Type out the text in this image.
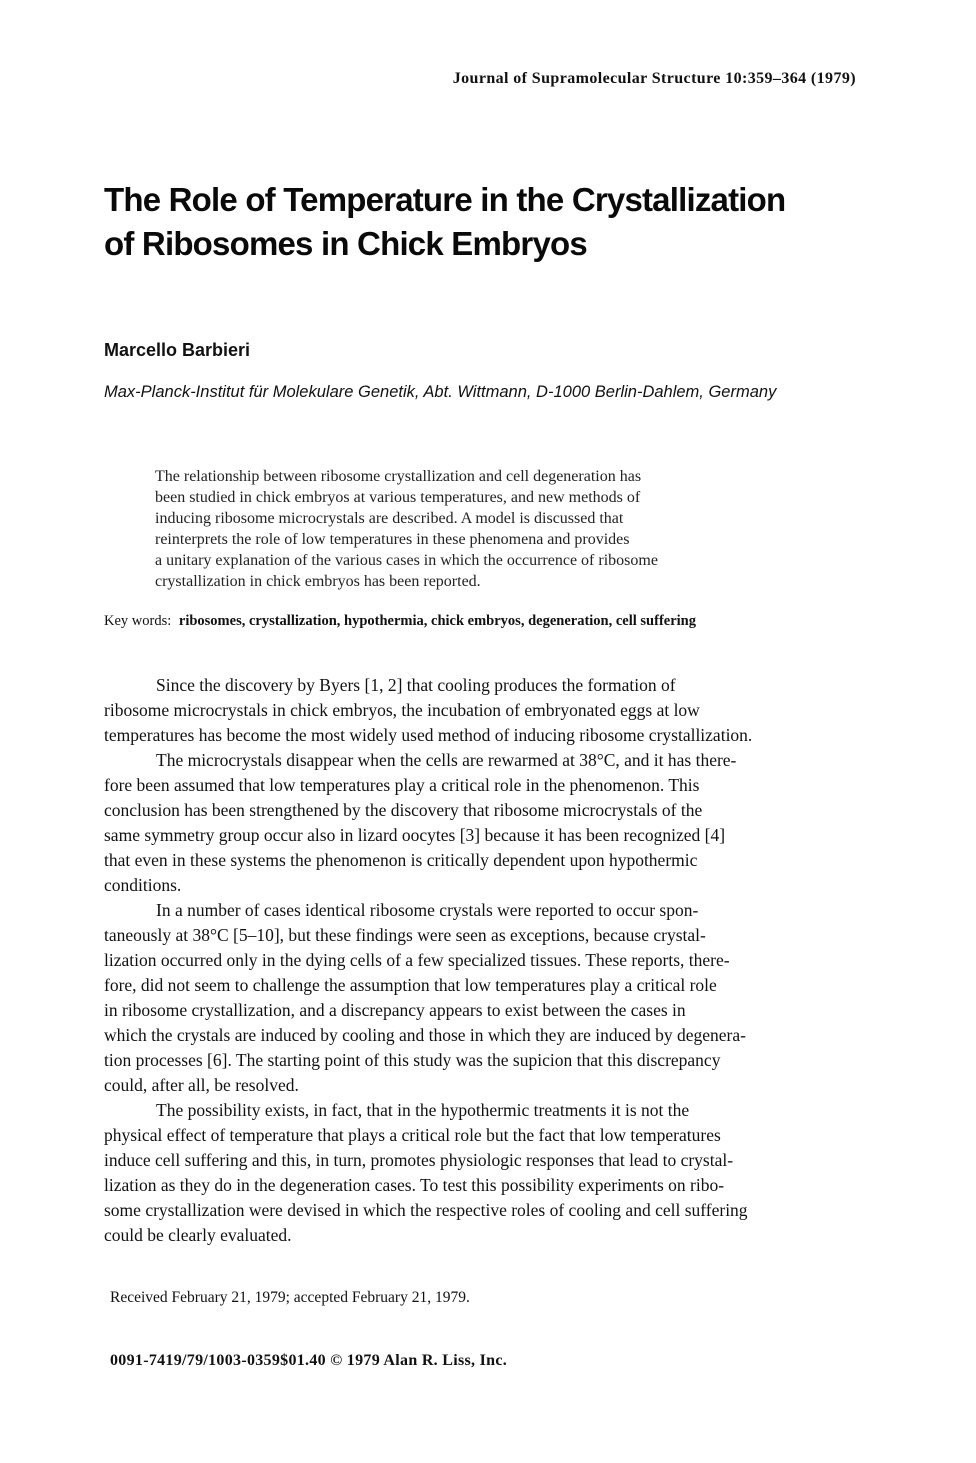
Journal of Supramolecular Structure 10:359–364 (1979)
The Role of Temperature in the Crystallization of Ribosomes in Chick Embryos
Marcello Barbieri
Max-Planck-Institut für Molekulare Genetik, Abt. Wittmann, D-1000 Berlin-Dahlem, Germany
The relationship between ribosome crystallization and cell degeneration has
been studied in chick embryos at various temperatures, and new methods of
inducing ribosome microcrystals are described. A model is discussed that
reinterprets the role of low temperatures in these phenomena and provides
a unitary explanation of the various cases in which the occurrence of ribosome
crystallization in chick embryos has been reported.
Key words: ribosomes, crystallization, hypothermia, chick embryos, degeneration, cell suffering
Since the discovery by Byers [1, 2] that cooling produces the formation of
ribosome microcrystals in chick embryos, the incubation of embryonated eggs at low
temperatures has become the most widely used method of inducing ribosome crystallization.
The microcrystals disappear when the cells are rewarmed at 38°C, and it has there-
fore been assumed that low temperatures play a critical role in the phenomenon. This
conclusion has been strengthened by the discovery that ribosome microcrystals of the
same symmetry group occur also in lizard oocytes [3] because it has been recognized [4]
that even in these systems the phenomenon is critically dependent upon hypothermic
conditions.
In a number of cases identical ribosome crystals were reported to occur spon-
taneously at 38°C [5–10], but these findings were seen as exceptions, because crystal-
lization occurred only in the dying cells of a few specialized tissues. These reports, there-
fore, did not seem to challenge the assumption that low temperatures play a critical role
in ribosome crystallization, and a discrepancy appears to exist between the cases in
which the crystals are induced by cooling and those in which they are induced by degenera-
tion processes [6]. The starting point of this study was the supicion that this discrepancy
could, after all, be resolved.
The possibility exists, in fact, that in the hypothermic treatments it is not the
physical effect of temperature that plays a critical role but the fact that low temperatures
induce cell suffering and this, in turn, promotes physiologic responses that lead to crystal-
lization as they do in the degeneration cases. To test this possibility experiments on ribo-
some crystallization were devised in which the respective roles of cooling and cell suffering
could be clearly evaluated.
Received February 21, 1979; accepted February 21, 1979.
0091-7419/79/1003-0359$01.40 © 1979 Alan R. Liss, Inc.
